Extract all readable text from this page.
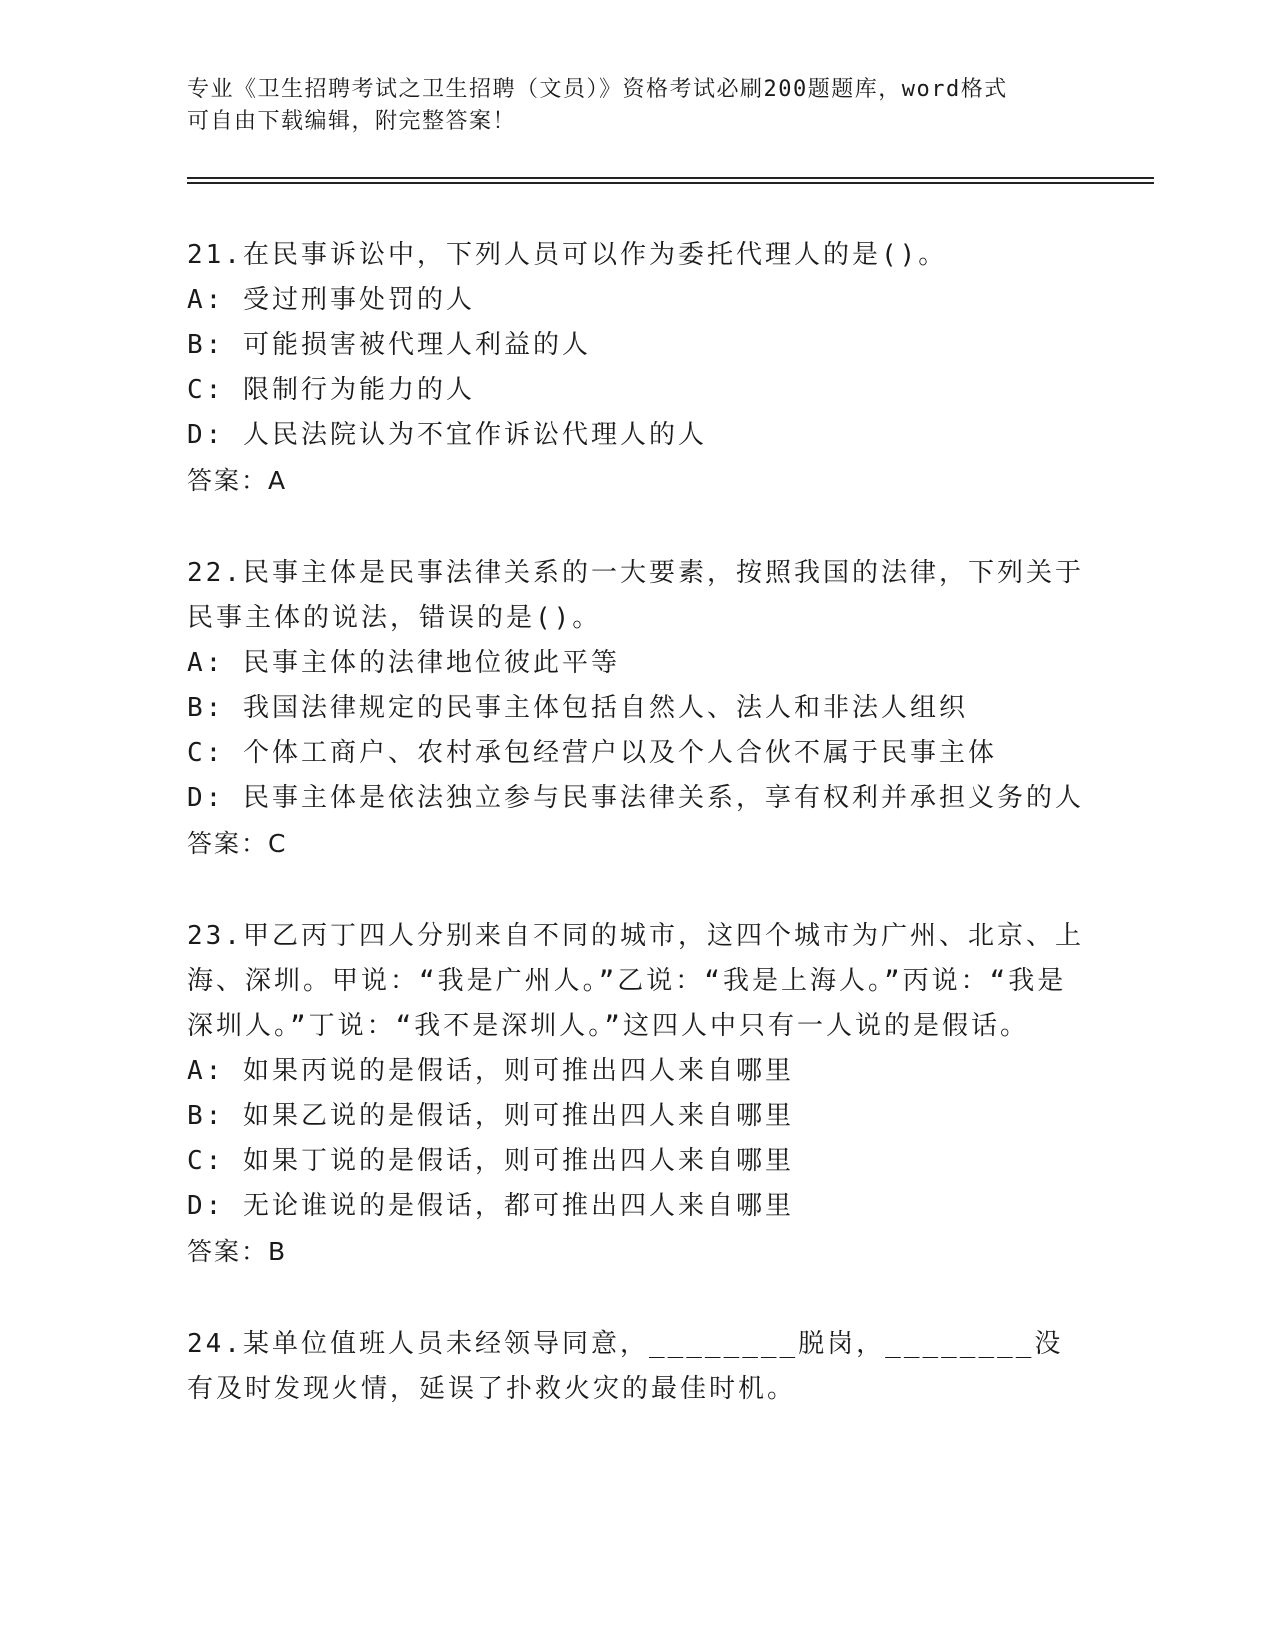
专业《卫生招聘考试之卫生招聘（文员）》资格考试必刷200题题库，word格式
可自由下载编辑，附完整答案！
21.在民事诉讼中，下列人员可以作为委托代理人的是()。
A: 受过刑事处罚的人
B: 可能损害被代理人利益的人
C: 限制行为能力的人
D: 人民法院认为不宜作诉讼代理人的人
答案：A
22.民事主体是民事法律关系的一大要素，按照我国的法律，下列关于民事主体的说法，错误的是()。
A: 民事主体的法律地位彼此平等
B: 我国法律规定的民事主体包括自然人、法人和非法人组织
C: 个体工商户、农村承包经营户以及个人合伙不属于民事主体
D: 民事主体是依法独立参与民事法律关系，享有权利并承担义务的人
答案：C
23.甲乙丙丁四人分别来自不同的城市，这四个城市为广州、北京、上海、深圳。甲说：“我是广州人。”乙说：“我是上海人。”丙说：“我是深圳人。”丁说：“我不是深圳人。”这四人中只有一人说的是假话。
A: 如果丙说的是假话，则可推出四人来自哪里
B: 如果乙说的是假话，则可推出四人来自哪里
C: 如果丁说的是假话，则可推出四人来自哪里
D: 无论谁说的是假话，都可推出四人来自哪里
答案：B
24.某单位值班人员未经领导同意，________脱岗，________没有及时发现火情，延误了扑救火灾的最佳时机。
